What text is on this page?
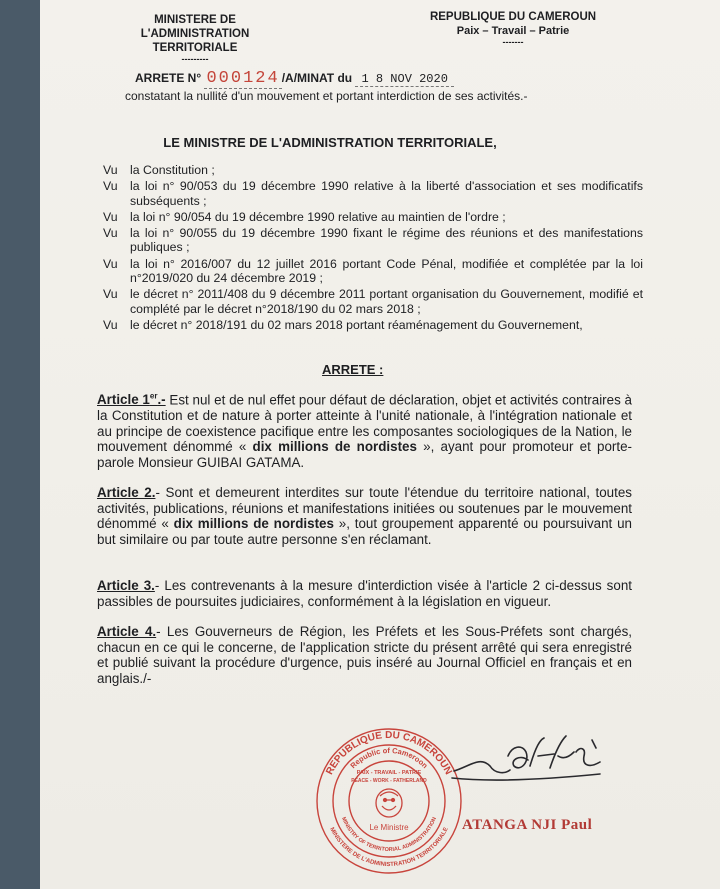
MINISTERE DE L'ADMINISTRATION
TERRITORIALE
---------
REPUBLIQUE DU CAMEROUN
Paix – Travail – Patrie
-------
ARRETE N° 000124 /A/MINAT du 1 8 NOV 2020
constatant la nullité d'un mouvement et portant interdiction de ses activités.-
LE MINISTRE DE L'ADMINISTRATION TERRITORIALE,
Vu la Constitution ;
Vu la loi n° 90/053 du 19 décembre 1990 relative à la liberté d'association et ses modificatifs subséquents ;
Vu la loi n° 90/054 du 19 décembre 1990 relative au maintien de l'ordre ;
Vu la loi n° 90/055 du 19 décembre 1990 fixant le régime des réunions et des manifestations publiques ;
Vu la loi n° 2016/007 du 12 juillet 2016 portant Code Pénal, modifiée et complétée par la loi n°2019/020 du 24 décembre 2019 ;
Vu le décret n° 2011/408 du 9 décembre 2011 portant organisation du Gouvernement, modifié et complété par le décret n°2018/190 du 02 mars 2018 ;
Vu le décret n° 2018/191 du 02 mars 2018 portant réaménagement du Gouvernement,
ARRETE :

Article 1er.- Est nul et de nul effet pour défaut de déclaration, objet et activités contraires à la Constitution et de nature à porter atteinte à l'unité nationale, à l'intégration nationale et au principe de coexistence pacifique entre les composantes sociologiques de la Nation, le mouvement dénommé « dix millions de nordistes », ayant pour promoteur et porte-parole Monsieur GUIBAI GATAMA.

Article 2.- Sont et demeurent interdites sur toute l'étendue du territoire national, toutes activités, publications, réunions et manifestations initiées ou soutenues par le mouvement dénommé « dix millions de nordistes », tout groupement apparenté ou poursuivant un but similaire ou par toute autre personne s'en réclamant.

Article 3.- Les contrevenants à la mesure d'interdiction visée à l'article 2 ci-dessus sont passibles de poursuites judiciaires, conformément à la législation en vigueur.

Article 4.- Les Gouverneurs de Région, les Préfets et les Sous-Préfets sont chargés, chacun en ce qui le concerne, de l'application stricte du présent arrêté qui sera enregistré et publié suivant la procédure d'urgence, puis inséré au Journal Officiel en français et en anglais./-

REPUBLIQUE DU CAMEROUN
Republic of Cameroon
MINISTERE DE L'ADMINISTRATION TERRITORIALE
MINISTRY OF TERRITORIAL ADMINISTRATION
PAIX - TRAVAIL - PATRIE
PEACE - WORK - FATHERLAND
Le Ministre	ATANGA NJI Paul
